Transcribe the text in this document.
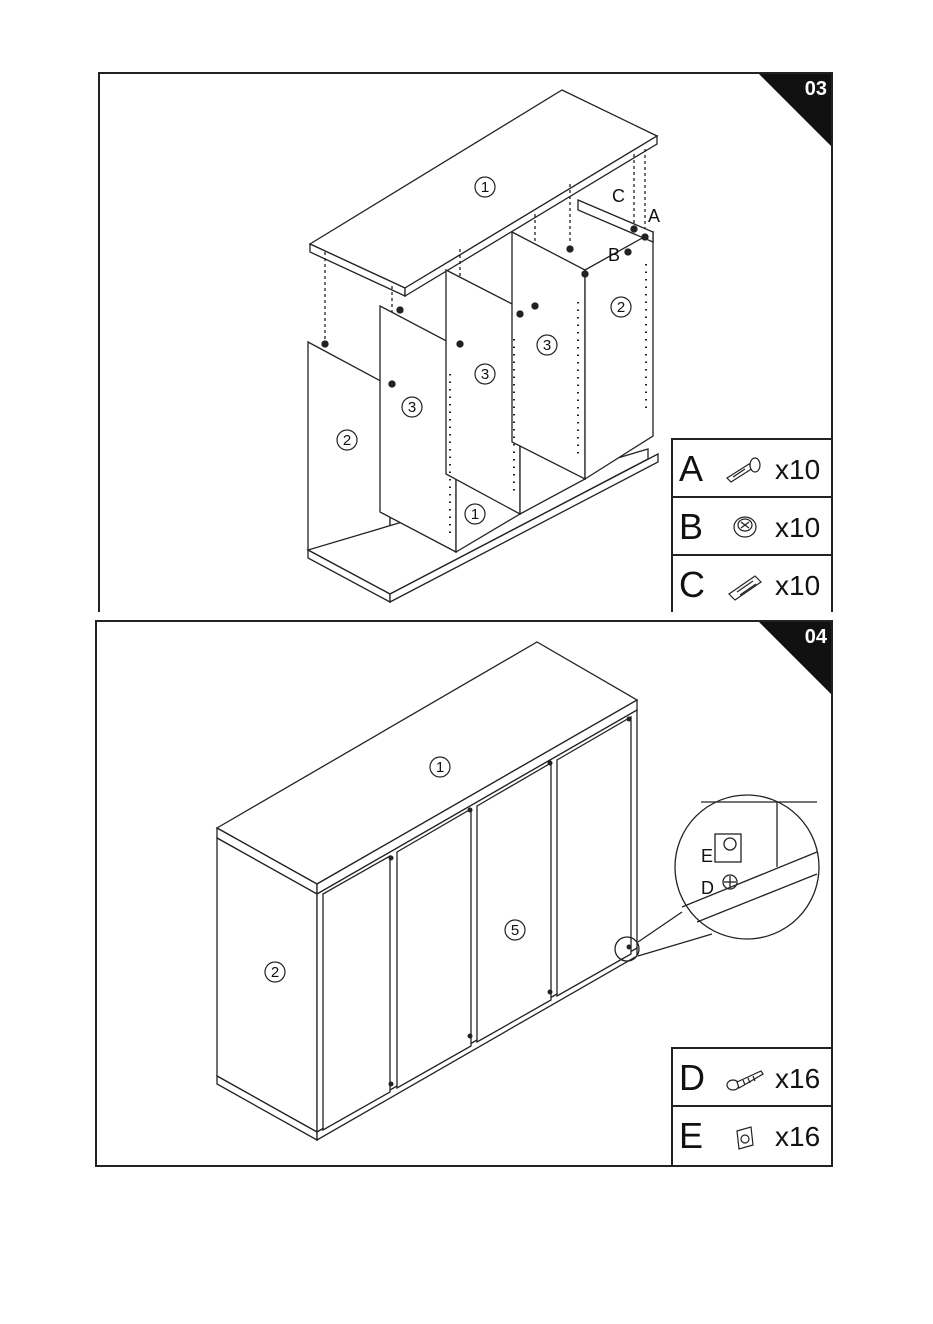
1
2
2
3
3
3
1
C
A
B
03
A	x10
B	x10
C	x10
1
2
5
E
D
04
D	x16
E	x16
